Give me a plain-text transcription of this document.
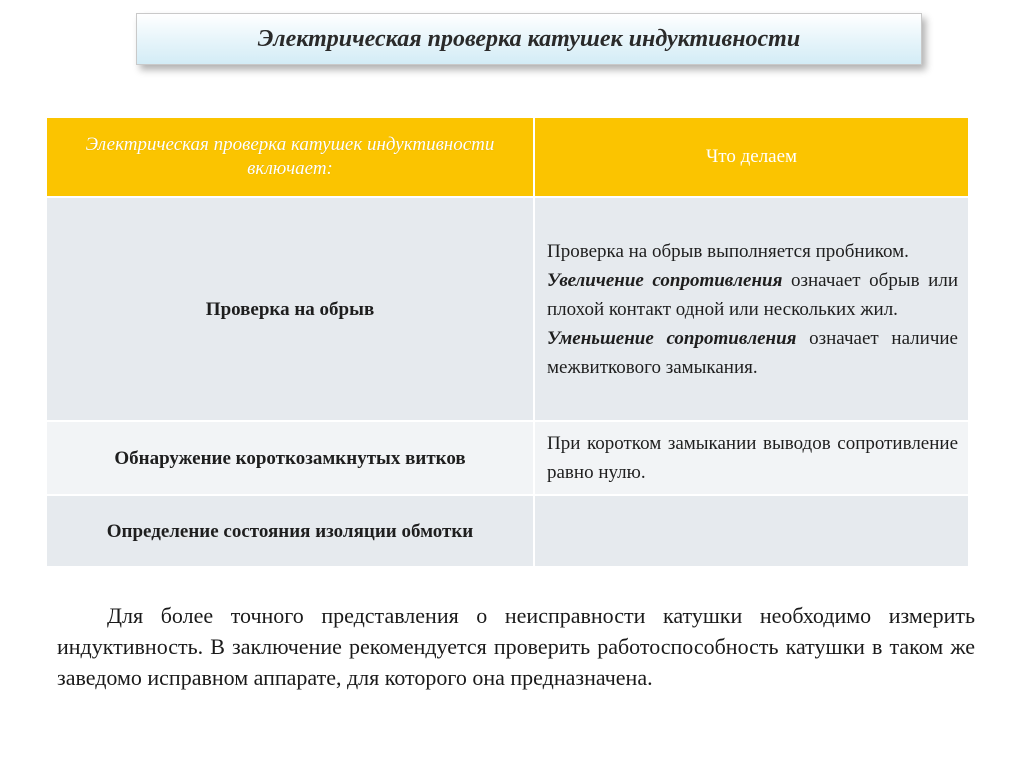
Электрическая проверка катушек индуктивности
Электрическая проверка катушек индуктивности включает:	Что делаем
Проверка на обрыв	Проверка на обрыв выполняется пробником.

Увеличение сопротивления означает обрыв или плохой контакт одной или нескольких жил.

Уменьшение сопротивления означает наличие межвиткового замыкания.

Обнаружение короткозамкнутых витков	При коротком замыкании выводов сопротивление равно нулю.

Определение состояния изоляции обмотки	

Для более точного представления о неисправности катушки необходимо измерить индуктивность. В заключение рекомендуется проверить работоспособность катушки в таком же заведомо исправном аппарате, для которого она предназначена.
